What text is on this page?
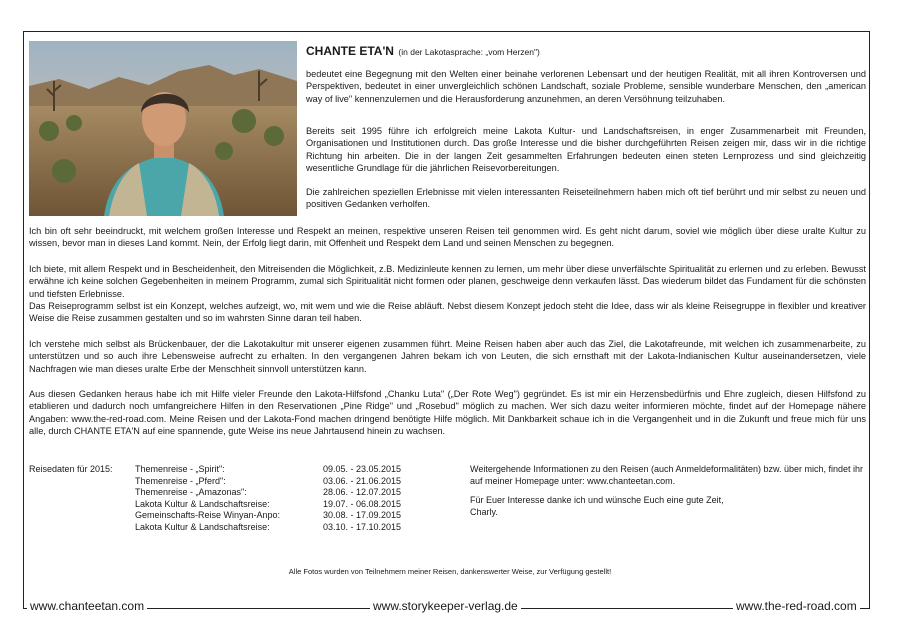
CHANTE ETA'N (in der Lakotasprache: „vom Herzen")

bedeutet eine Begegnung mit den Welten einer beinahe verlorenen Lebensart und der heutigen Realität, mit all ihren Kontroversen und Perspektiven, bedeutet in einer unvergleichlich schönen Landschaft, soziale Probleme, sensible wunderbare Menschen, den „american way of live" kennenzulernen und die Herausforderung anzunehmen, an deren Versöhnung teilzuhaben.

Bereits seit 1995 führe ich erfolgreich meine Lakota Kultur- und Landschaftsreisen, in enger Zusammenarbeit mit Freunden, Organisationen und Institutionen durch. Das große Interesse und die bisher durchgeführten Reisen zeigen mir, dass wir in die richtige Richtung hin arbeiten. Die in der langen Zeit gesammelten Erfahrungen bedeuten einen steten Lernprozess und sind gleichzeitig wesentliche Grundlage für die jährlichen Reisevorbereitungen.

Die zahlreichen speziellen Erlebnisse mit vielen interessanten Reiseteilnehmern haben mich oft tief berührt und mir selbst zu neuen und positiven Gedanken verholfen.

Ich bin oft sehr beeindruckt, mit welchem großen Interesse und Respekt an meinen, respektive unseren Reisen teil genommen wird. Es geht nicht darum, soviel wie möglich über diese uralte Kultur zu wissen, bevor man in dieses Land kommt. Nein, der Erfolg liegt darin, mit Offenheit und Respekt dem Land und seinen Menschen zu begegnen.

Ich biete, mit allem Respekt und in Bescheidenheit, den Mitreisenden die Möglichkeit, z.B. Medizinleute kennen zu lernen, um mehr über diese unverfälschte Spiritualität zu erlernen und zu erleben. Bewusst erwähne ich keine solchen Gegebenheiten in meinem Programm, zumal sich Spiritualität nicht formen oder planen, geschweige denn verkaufen lässt. Das wiederum bildet das Fundament für die schönsten und tiefsten Erlebnisse.

Das Reiseprogramm selbst ist ein Konzept, welches aufzeigt, wo, mit wem und wie die Reise abläuft. Nebst diesem Konzept jedoch steht die Idee, dass wir als kleine Reisegruppe in flexibler und kreativer Weise die Reise zusammen gestalten und so im wahrsten Sinne daran teil haben.

Ich verstehe mich selbst als Brückenbauer, der die Lakotakultur mit unserer eigenen zusammen führt. Meine Reisen haben aber auch das Ziel, die Lakotafreunde, mit welchen ich zusammenarbeite, zu unterstützen und so auch ihre Lebensweise aufrecht zu erhalten. In den vergangenen Jahren bekam ich von Leuten, die sich ernsthaft mit der Lakota-Indianischen Kultur auseinandersetzen, viele Nachfragen wie man dieses uralte Erbe der Menschheit sinnvoll unterstützen kann.

Aus diesen Gedanken heraus habe ich mit Hilfe vieler Freunde den Lakota-Hilfsfond „Chanku Luta" („Der Rote Weg") gegründet. Es ist mir ein Herzensbedürfnis und Ehre zugleich, diesen Hilfsfond zu etablieren und dadurch noch umfangreichere Hilfen in den Reservationen „Pine Ridge" und „Rosebud" möglich zu machen. Wer sich dazu weiter informieren möchte, findet auf der Homepage nähere Angaben: www.the-red-road.com. Meine Reisen und der Lakota-Fond machen dringend benötigte Hilfe möglich. Mit Dankbarkeit schaue ich in die Vergangenheit und in die Zukunft und freue mich für uns alle, durch CHANTE ETA'N auf eine spannende, gute Weise ins neue Jahrtausend hinein zu wachsen.

Reisedaten für 2015: Themenreise - „Spirit":	09.05. - 23.05.2015
Themenreise - „Pferd":	03.06. - 21.06.2015
Themenreise - „Amazonas":	28.06. - 12.07.2015
Lakota Kultur & Landschaftsreise:	19.07. - 06.08.2015
Gemeinschafts-Reise Winyan-Anpo:	30.08. - 17.09.2015
Lakota Kultur & Landschaftsreise:	03.10. - 17.10.2015

Weitergehende Informationen zu den Reisen (auch Anmeldeformalitäten) bzw. über mich, findet ihr auf meiner Homepage unter: www.chanteetan.com.

Für Euer Interesse danke ich und wünsche Euch eine gute Zeit,

Charly.

Alle Fotos wurden von Teilnehmern meiner Reisen, dankenswerter Weise, zur Verfügung gestellt!
www.chanteetan.com	www.storykeeper-verlag.de	www.the-red-road.com
